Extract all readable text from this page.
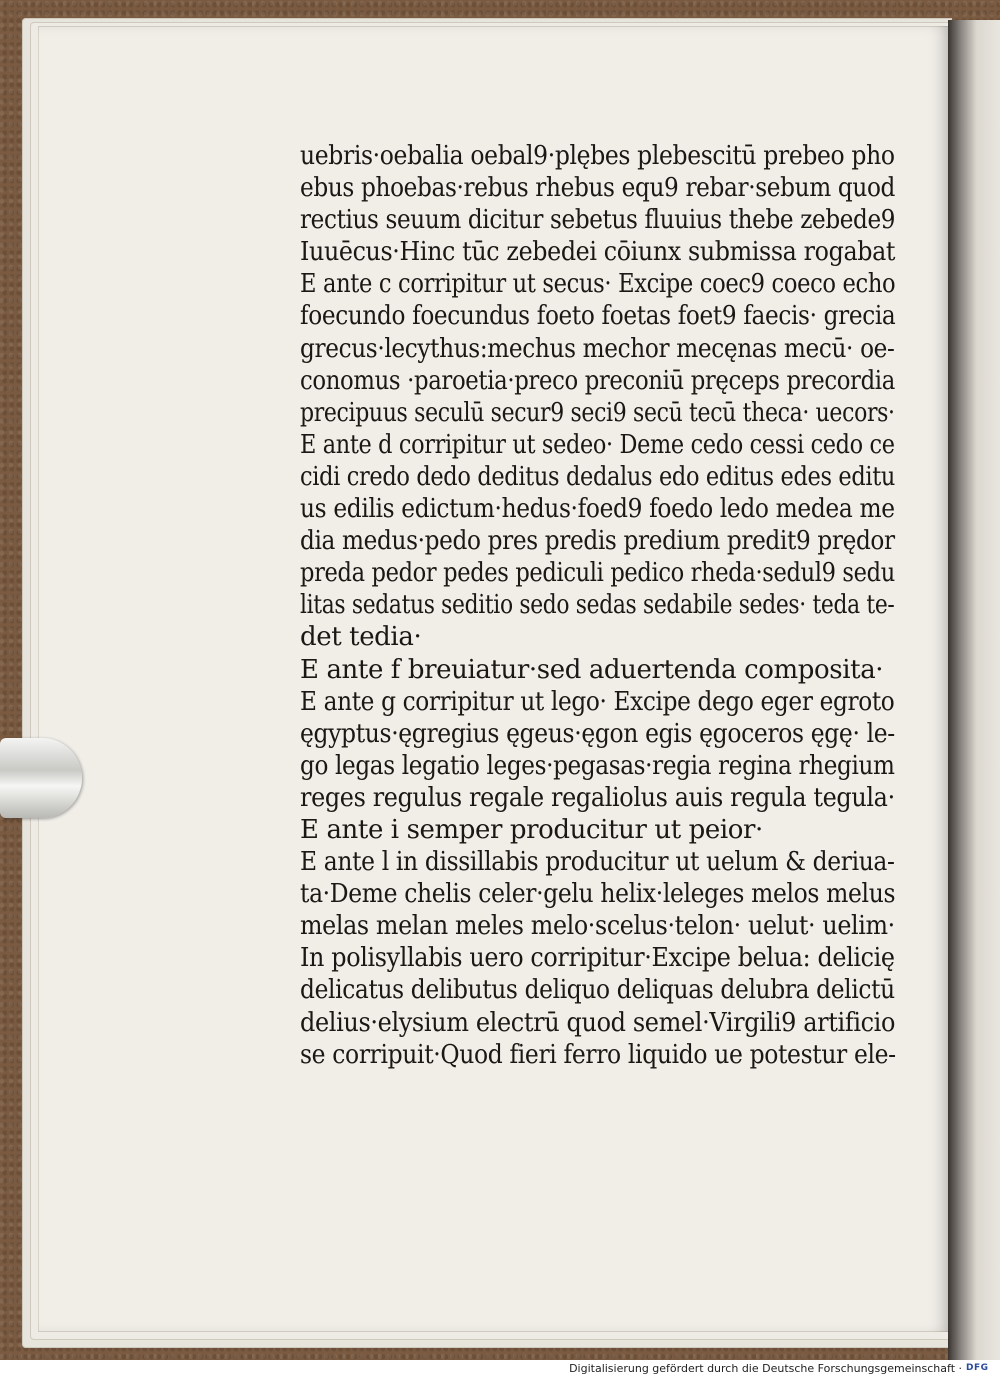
uebris·oebalia oebal9·plębes plebescitū prebeo pho
ebus phoebas·rebus rhebus equ9 rebar·sebum quod
rectius seuum dicitur sebetus fluuius thebe zebede9
Iuuēcus·Hinc tūc zebedei cōiunx submissa rogabat
E ante c corripitur ut secus· Excipe coec9 coeco echo
foecundo foecundus foeto foetas foet9 faecis· grecia
grecus·lecythus:mechus mechor mecęnas mecū· oe-
conomus ·paroetia·preco preconiū pręceps precordia
precipuus seculū secur9 seci9 secū tecū theca· uecors·
E ante d corripitur ut sedeo· Deme cedo cessi cedo ce
cidi credo dedo deditus dedalus edo editus edes editu
us edilis edictum·hedus·foed9 foedo ledo medea me
dia medus·pedo pres predis predium predit9 prędor
preda pedor pedes pediculi pedico rheda·sedul9 sedu
litas sedatus seditio sedo sedas sedabile sedes· teda te-
det tedia·
E ante f breuiatur·sed aduertenda composita·
E ante g corripitur ut lego· Excipe dego eger egroto
ęgyptus·ęgregius ęgeus·ęgon egis ęgoceros ęgę· le-
go legas legatio leges·pegasas·regia regina rhegium
reges regulus regale regaliolus auis regula tegula·
E ante i semper producitur ut peior·
E ante l in dissillabis producitur ut uelum & deriua-
ta·Deme chelis celer·gelu helix·leleges melos melus
melas melan meles melo·scelus·telon· uelut· uelim·
In polisyllabis uero corripitur·Excipe belua: delicię
delicatus delibutus deliquo deliquas delubra delictū
delius·elysium electrū quod semel·Virgili9 artificio
se corripuit·Quod fieri ferro liquido ue potestur ele-
Digitalisierung gefördert durch die Deutsche Forschungsgemeinschaft · DFG
